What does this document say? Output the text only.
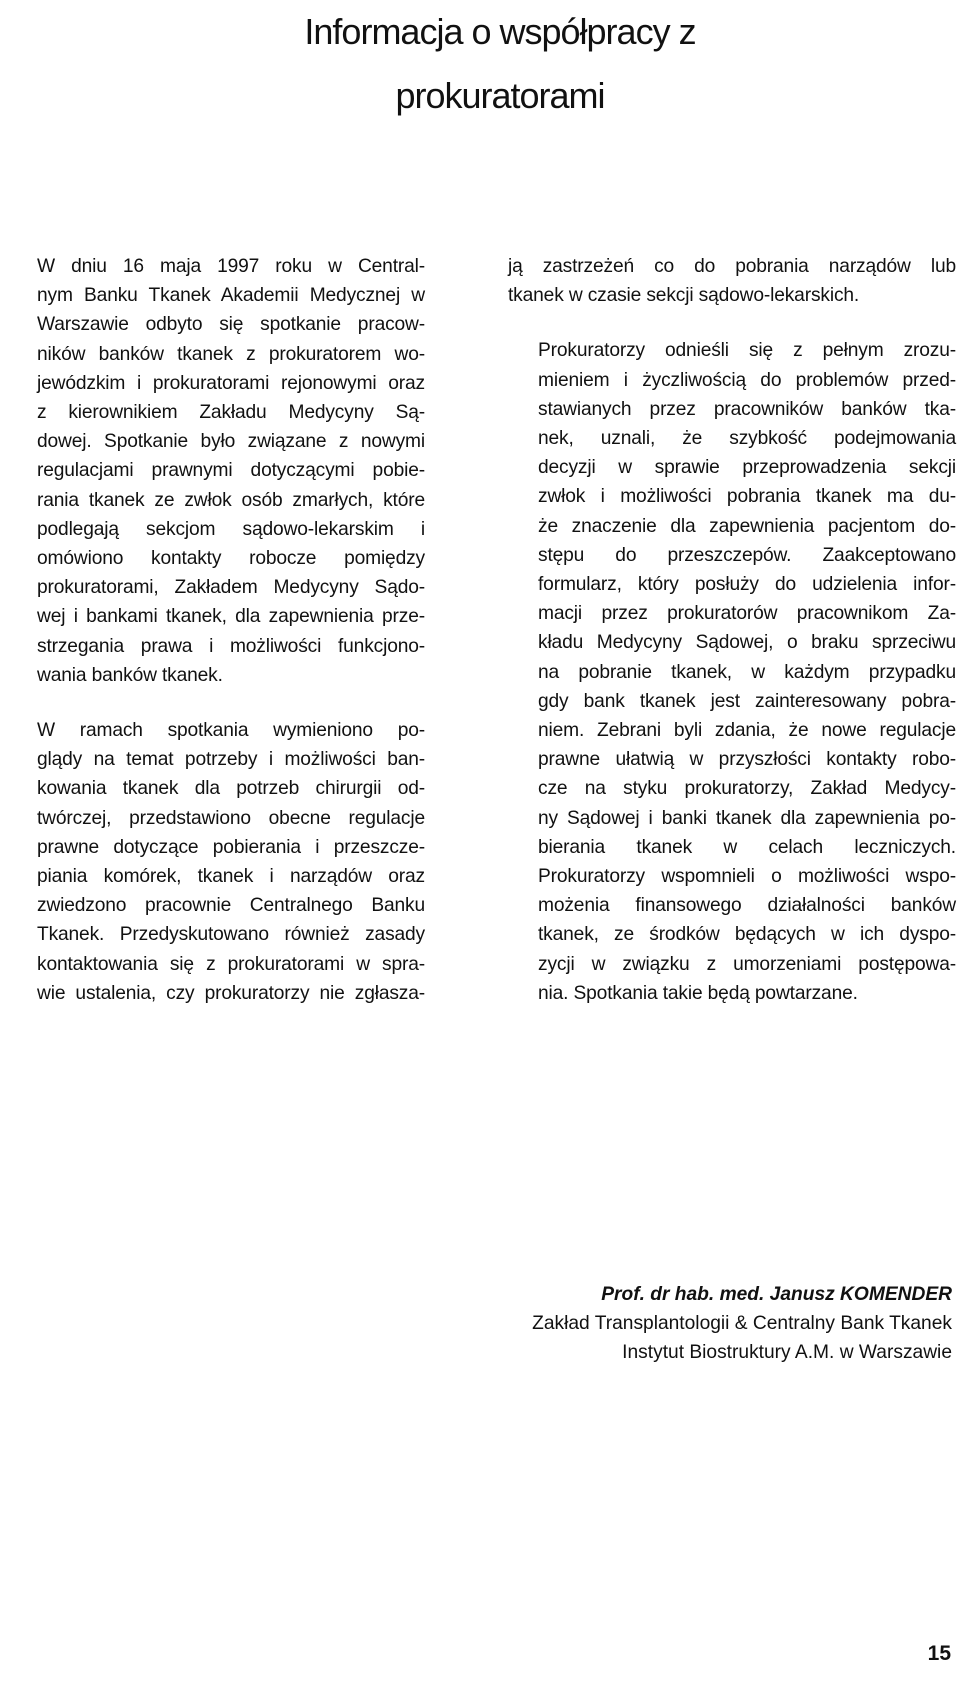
Informacja o współpracy z
prokuratorami

W dniu 16 maja 1997 roku w Central-
nym Banku Tkanek Akademii Medycznej w
Warszawie odbyto się spotkanie pracow-
ników banków tkanek z prokuratorem wo-
jewódzkim i prokuratorami rejonowymi oraz
z kierownikiem Zakładu Medycyny Są-
dowej. Spotkanie było związane z nowymi
regulacjami prawnymi dotyczącymi pobie-
rania tkanek ze zwłok osób zmarłych, które
podlegają sekcjom sądowo-lekarskim i
omówiono kontakty robocze pomiędzy
prokuratorami, Zakładem Medycyny Sądo-
wej i bankami tkanek, dla zapewnienia prze-
strzegania prawa i możliwości funkcjono-
wania banków tkanek.

W ramach spotkania wymieniono po-
glądy na temat potrzeby i możliwości ban-
kowania tkanek dla potrzeb chirurgii od-
twórczej, przedstawiono obecne regulacje
prawne dotyczące pobierania i przeszcze-
piania komórek, tkanek i narządów oraz
zwiedzono pracownie Centralnego Banku
Tkanek. Przedyskutowano również zasady
kontaktowania się z prokuratorami w spra-
wie ustalenia, czy prokuratorzy nie zgłasza-

ją zastrzeżeń co do pobrania narządów lub
tkanek w czasie sekcji sądowo-lekarskich.

Prokuratorzy odnieśli się z pełnym zrozu-
mieniem i życzliwością do problemów przed-
stawianych przez pracowników banków tka-
nek, uznali, że szybkość podejmowania
decyzji w sprawie przeprowadzenia sekcji
zwłok i możliwości pobrania tkanek ma du-
że znaczenie dla zapewnienia pacjentom do-
stępu do przeszczepów. Zaakceptowano
formularz, który posłuży do udzielenia infor-
macji przez prokuratorów pracownikom Za-
kładu Medycyny Sądowej, o braku sprzeciwu
na pobranie tkanek, w każdym przypadku
gdy bank tkanek jest zainteresowany pobra-
niem. Zebrani byli zdania, że nowe regulacje
prawne ułatwią w przyszłości kontakty robo-
cze na styku prokuratorzy, Zakład Medycy-
ny Sądowej i banki tkanek dla zapewnienia po-
bierania tkanek w celach leczniczych.
Prokuratorzy wspomnieli o możliwości wspo-
możenia finansowego działalności banków
tkanek, ze środków będących w ich dyspo-
zycji w związku z umorzeniami postępowa-
nia. Spotkania takie będą powtarzane.

Prof. dr hab. med. Janusz KOMENDER
Zakład Transplantologii & Centralny Bank Tkanek
Instytut Biostruktury A.M. w Warszawie
15
